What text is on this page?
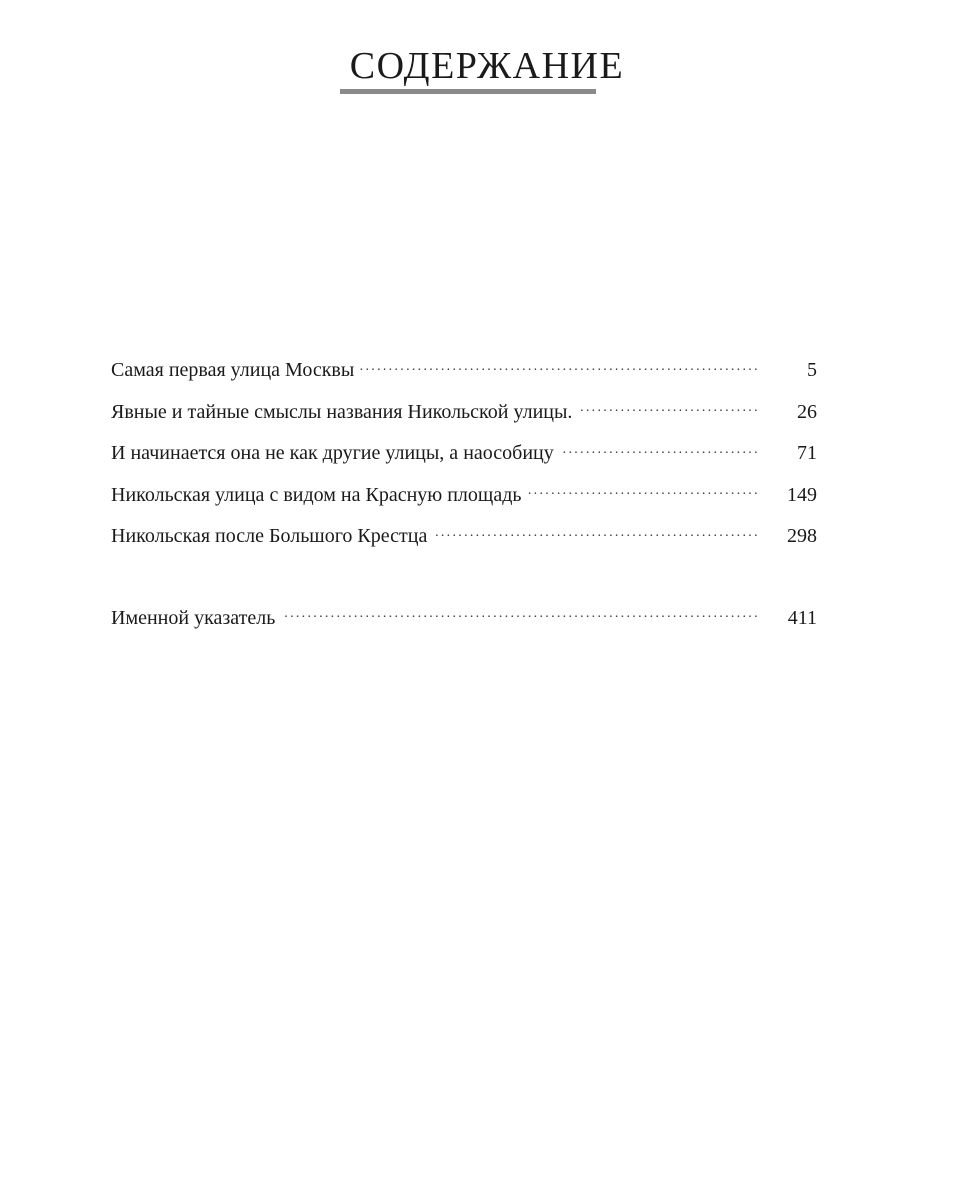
СОДЕРЖАНИЕ
Самая первая улица Москвы . . .	5
Явные и тайные смыслы названия Никольской улицы. . . .	26
И начинается она не как другие улицы, а наособицу . . .	71
Никольская улица с видом на Красную площадь . . .	149
Никольская после Большого Крестца . . .	298
Именной указатель . . .	411
